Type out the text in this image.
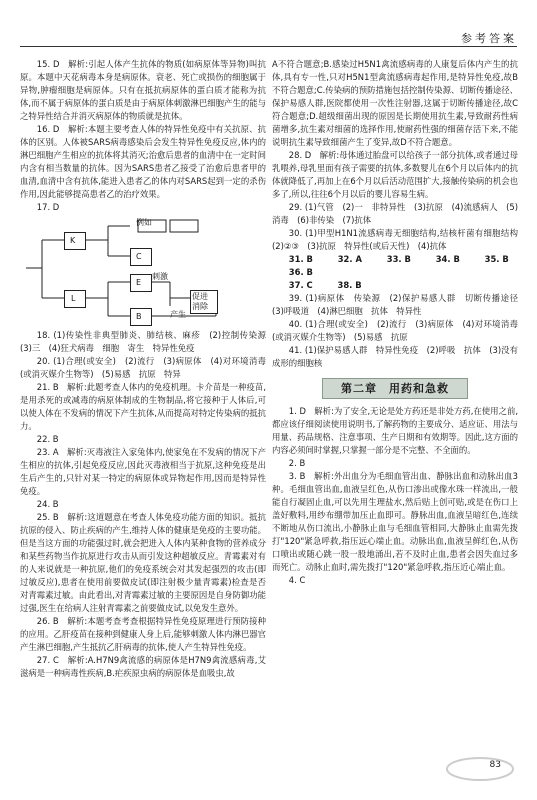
参考答案

15. D　解析:引起人体产生抗体的物质(如病原体等异物)叫抗原。本题中天花病毒本身是病原体。衰老、死亡或损伤的细胞属于异物,肿瘤细胞是病原体。只有在抵抗病原体的蛋白质才能称为抗体,而不属于病原体的蛋白质是由于病原体刺激淋巴细胞产生的能与之特异性结合并消灭病原体的物质就是抗体。

16. D　解析:本题主要考查人体的特异性免疫中有关抗原、抗体的区别。人体被SARS病毒感染后会发生特异性免疫反应,体内的淋巴细胞产生相应的抗体将其消灭;治愈后患者的血清中在一定时间内含有相当数量的抗体。因为SARS患者乙接受了治愈后患者甲的血清,血清中含有抗体,能进入患者乙的体内对SARS起到一定的杀伤作用,因此能够提高患者乙的治疗效果。

17. D

K
L
例如
C
E
B
刺激
促进
消除
产生

18. (1)传染性非典型肺炎、肺结核、麻疹　(2)控制传染源　(3)三　(4)狂犬病毒　细胞　寄生　特异性免疫

20. (1)合理(或安全)　(2)流行　(3)病原体　(4)对环境消毒(或消灭媒介生物等)　(5)易感　抗原　特异

21. B　解析:此题考查人体内的免疫机理。卡介苗是一种疫苗,是用杀死的或减毒的病原体制成的生物制品,将它接种于人体后,可以使人体在不发病的情况下产生抗体,从而提高对特定传染病的抵抗力。

22. B

23. A　解析:灭毒液注入家兔体内,使家兔在不发病的情况下产生相应的抗体,引起免疫反应,因此灭毒液相当于抗原,这种免疫是出生后产生的,只针对某一特定的病原体或异物起作用,因而是特异性免疫。

24. B

25. B　解析:这道题意在考查人体免疫功能方面的知识。抵抗抗原的侵入、防止疾病的产生,维持人体的健康是免疫的主要功能。但是当这方面的功能强过时,就会把进入人体内某种食物的营养成分和某些药物当作抗原进行攻击从而引发这种超敏反应。青霉素对有的人来说就是一种抗原,他们的免疫系统会对其发起强烈的攻击(即过敏反应),患者在使用前要做皮试(即注射极少量青霉素)检查是否对青霉素过敏。由此看出,对青霉素过敏的主要原因是自身防御功能过强,医生在给病人注射青霉素之前要做皮试,以免发生意外。

26. B　解析:本题考查考查根据特异性免疫原理进行预防接种的应用。乙肝疫苗在接种到健康人身上后,能够刺激人体内淋巴器官产生淋巴细胞,产生抵抗乙肝病毒的抗体,使人产生特异性免疫。

27. C　解析:A.H7N9禽流感的病原体是H7N9禽流感病毒,艾滋病是一种病毒性疾病,B.疟疾原虫病的病原体是血吸虫,故

A不符合题意;B.感染过H5N1禽流感病毒的人康复后体内产生的抗体,具有专一性,只对H5N1型禽流感病毒起作用,是特异性免疫,故B不符合题意;C.传染病的预防措施包括控制传染源、切断传播途径、保护易感人群,医院都使用一次性注射器,这属于切断传播途径,故C符合题意;D.超级细菌出现的原因是长期使用抗生素,导致耐药性病菌增多,抗生素对细菌的选择作用,使耐药性强的细菌存活下来,不能说明抗生素导致细菌产生了变异,故D不符合题意。

28. D　解析:母体通过胎盘可以给孩子一部分抗体,或者通过母乳喂养,母乳里面有孩子需要的抗体,多数婴儿在6个月以后体内的抗体就降低了,再加上在6个月以后活动范围扩大,接触传染病的机会也多了,所以,往往6个月以后的婴儿容易生病。

29. (1)气管　(2)一　非特异性　(3)抗原　(4)流感病人　(5)消毒　(6)非传染　(7)抗体

30. (1)甲型H1N1流感病毒无细胞结构,结核杆菌有细胞结构　(2)②③　(3)抗原　特异性(或后天性)　(4)抗体

31. B	32. A	33. B	34. B	35. B
36. B
37. C	38. B

39. (1)病原体　传染源　(2)保护易感人群　切断传播途径　(3)呼吸道　(4)淋巴细胞　抗体　特异性

40. (1)合理(或安全)　(2)流行　(3)病原体　(4)对环境消毒(或消灭媒介生物等)　(5)易感　抗原

41. (1)保护易感人群　特异性免疫　(2)呼吸　抗体　(3)没有成形的细胞核

第二章　用药和急救

1. D　解析:为了安全,无论是处方药还是非处方药,在使用之前,都应该仔细阅读使用说明书,了解药物的主要成分、适应证、用法与用量、药品规格、注意事项、生产日期和有效期等。因此,这方面的内容必须间时掌握,只掌握一部分是不完整、不全面的。

2. B

3. B　解析:外出血分为毛细血管出血、静脉出血和动脉出血3种。毛细血管出血,血液呈红色,从伤口渗出或像水珠一样流出,一般能自行凝固止血,可以先用生理盐水,然后贴上创可贴,或是在伤口上盖好敷料,用纱布绷带加压止血即可。静脉出血,血液呈暗红色,连续不断地从伤口流出,小静脉止血与毛细血管相同,大静脉止血需先拨打"120"紧急呼救,指压远心端止血。动脉出血,血液呈鲜红色,从伤口喷出或随心跳一股一股地涌出,若不及时止血,患者会因失血过多而死亡。动脉止血时,需先拨打"120"紧急呼救,指压近心端止血。

4. C

83
